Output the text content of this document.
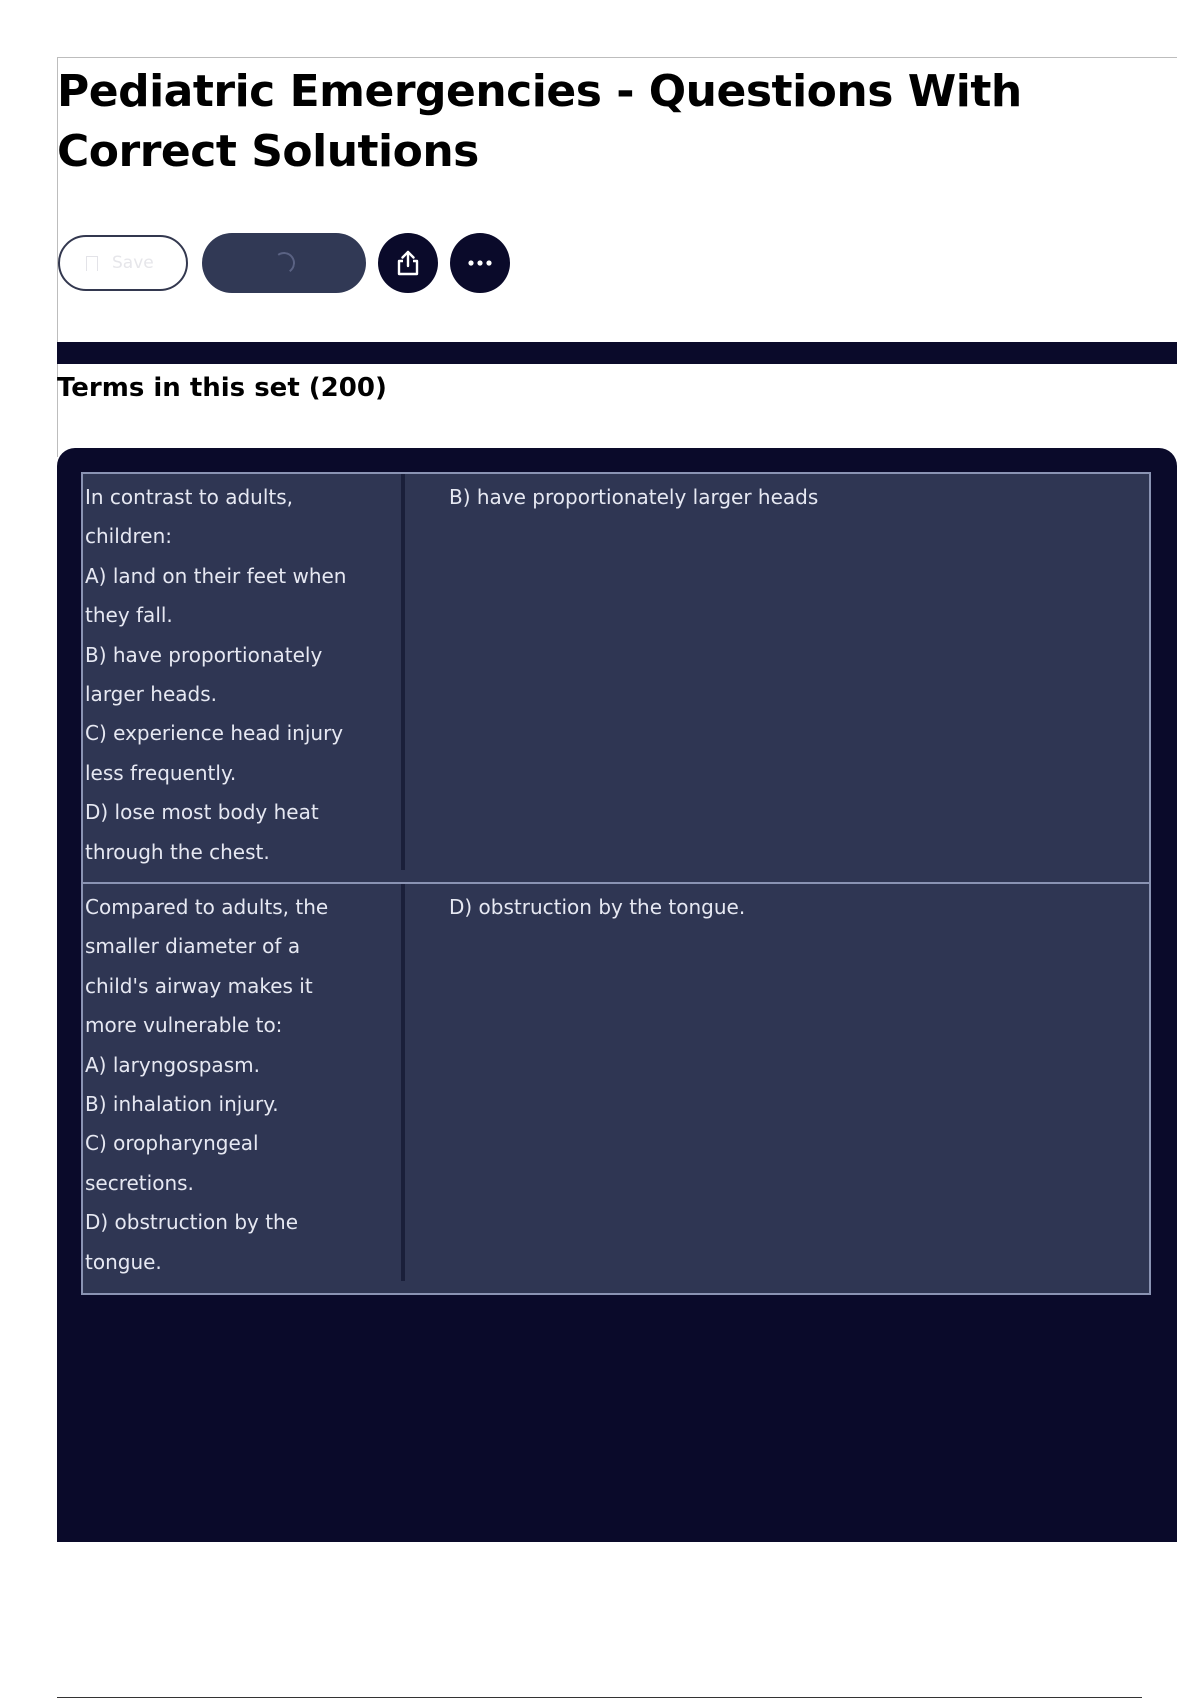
Pediatric Emergencies - Questions With Correct Solutions
Save
Terms in this set (200)
In contrast to adults,
children:
A) land on their feet when
they fall.
B) have proportionately
larger heads.
C) experience head injury
less frequently.
D) lose most body heat
through the chest.
B) have proportionately larger heads
Compared to adults, the
smaller diameter of a
child's airway makes it
more vulnerable to:
A) laryngospasm.
B) inhalation injury.
C) oropharyngeal
secretions.
D) obstruction by the
tongue.
D) obstruction by the tongue.
